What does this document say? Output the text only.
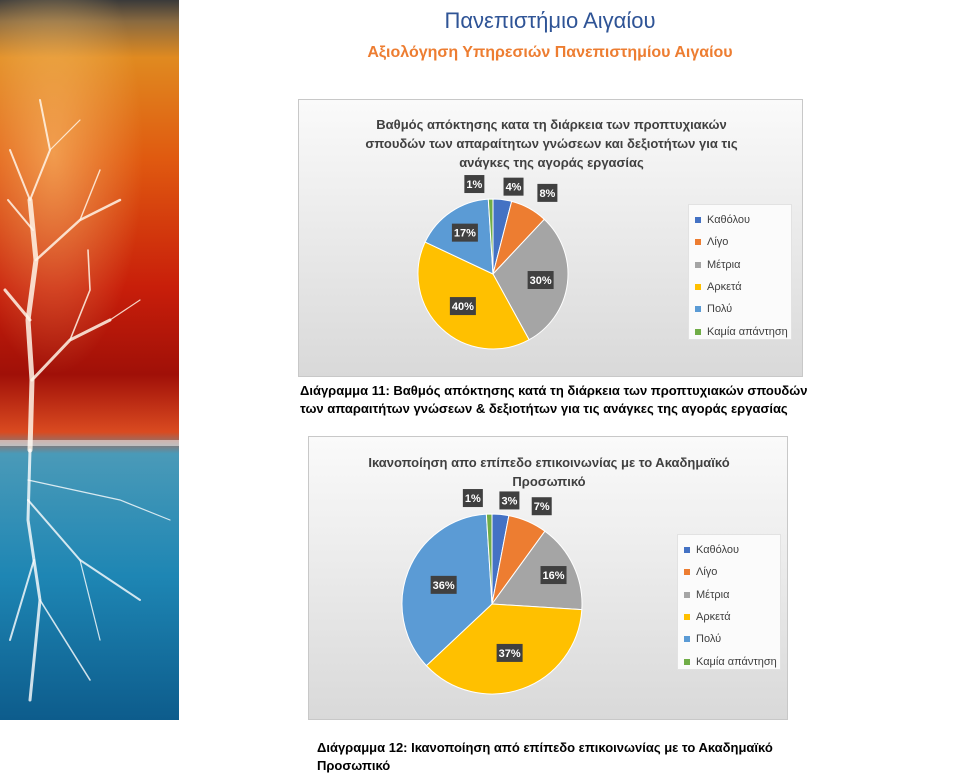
Πανεπιστήμιο Αιγαίου
Αξιολόγηση Υπηρεσιών Πανεπιστημίου Αιγαίου
Βαθμός απόκτησης κατα τη διάρκεια των προπτυχιακών
σπουδών των απαραίτητων γνώσεων και δεξιοτήτων για τις
ανάγκες της αγοράς εργασίας
4%
8%
30%
40%
17%
1%
Καθόλου
Λίγο
Μέτρια
Αρκετά
Πολύ
Καμία απάντηση
Διάγραμμα 11: Βαθμός απόκτησης κατά τη διάρκεια των προπτυχιακών σπουδών
των απαραιτήτων γνώσεων & δεξιοτήτων για τις ανάγκες της αγοράς εργασίας
Ικανοποίηση απο επίπεδο επικοινωνίας με το Ακαδημαϊκό
Προσωπικό
3% 7%
16%
37%
36%
1%
Καθόλου
Λίγο
Μέτρια
Αρκετά
Πολύ
Καμία απάντηση
Διάγραμμα 12: Ικανοποίηση από επίπεδο επικοινωνίας με το Ακαδημαϊκό
Προσωπικό
